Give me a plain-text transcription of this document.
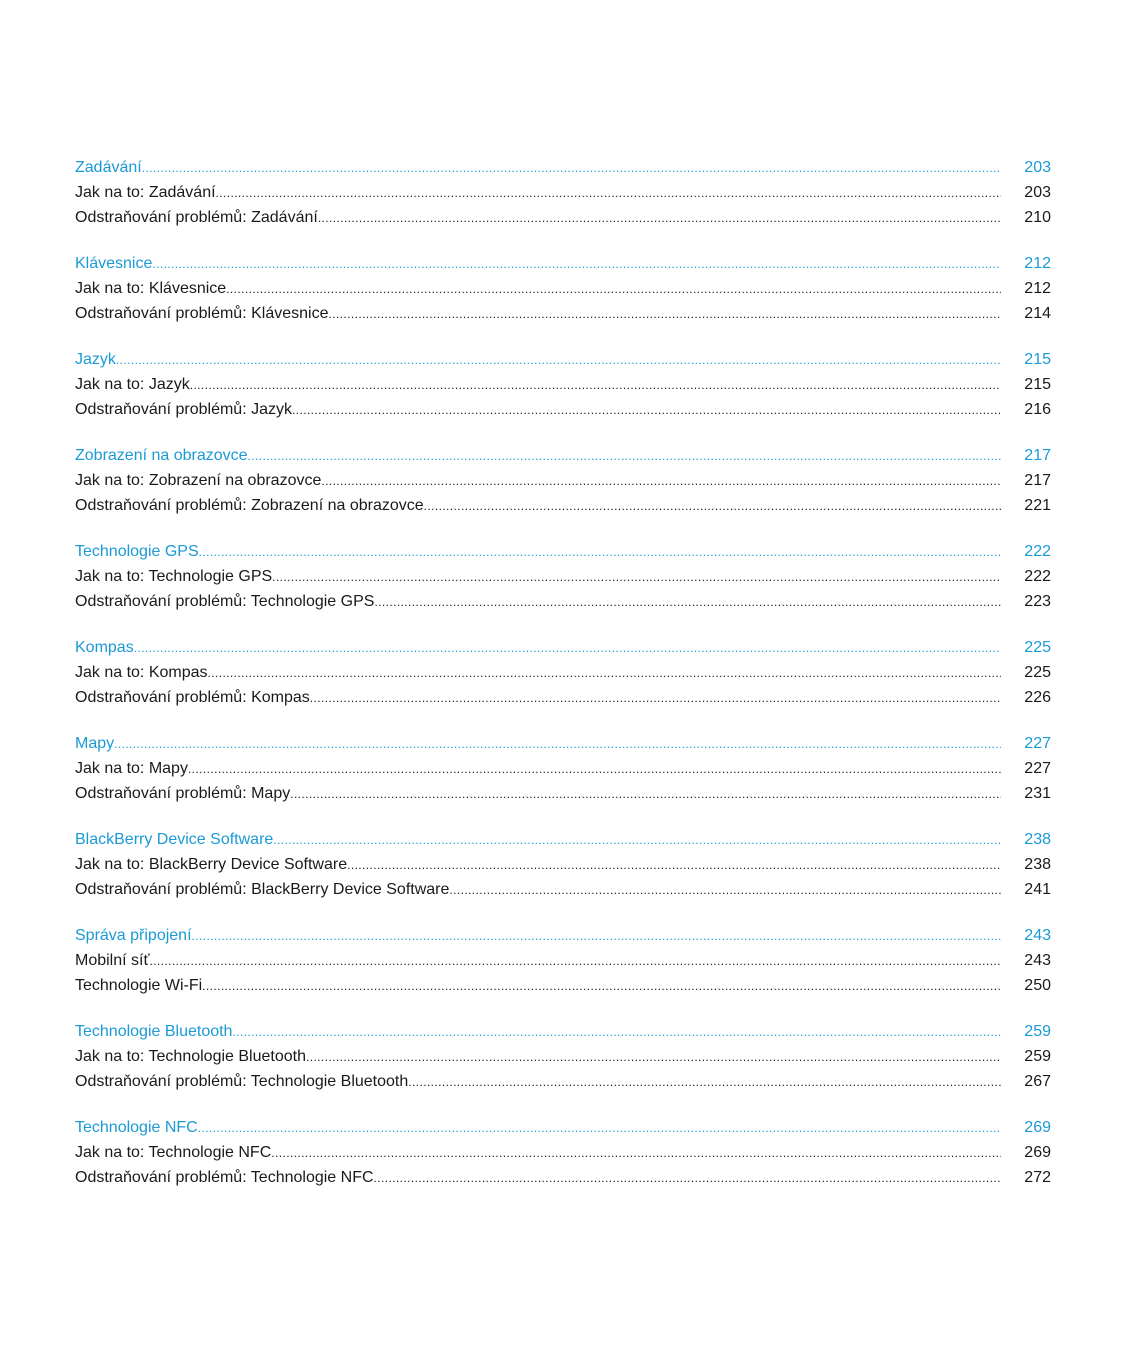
Zadávání .....	203
Jak na to: Zadávání .....	203
Odstraňování problémů: Zadávání .....	210
Klávesnice .....	212
Jak na to: Klávesnice .....	212
Odstraňování problémů: Klávesnice .....	214
Jazyk .....	215
Jak na to: Jazyk .....	215
Odstraňování problémů: Jazyk .....	216
Zobrazení na obrazovce .....	217
Jak na to: Zobrazení na obrazovce .....	217
Odstraňování problémů: Zobrazení na obrazovce .....	221
Technologie GPS .....	222
Jak na to: Technologie GPS .....	222
Odstraňování problémů: Technologie GPS .....	223
Kompas .....	225
Jak na to: Kompas .....	225
Odstraňování problémů: Kompas .....	226
Mapy .....	227
Jak na to: Mapy .....	227
Odstraňování problémů: Mapy .....	231
BlackBerry Device Software .....	238
Jak na to: BlackBerry Device Software .....	238
Odstraňování problémů: BlackBerry Device Software .....	241
Správa připojení .....	243
Mobilní síť .....	243
Technologie Wi-Fi .....	250
Technologie Bluetooth .....	259
Jak na to: Technologie Bluetooth .....	259
Odstraňování problémů: Technologie Bluetooth .....	267
Technologie NFC .....	269
Jak na to: Technologie NFC .....	269
Odstraňování problémů: Technologie NFC .....	272
